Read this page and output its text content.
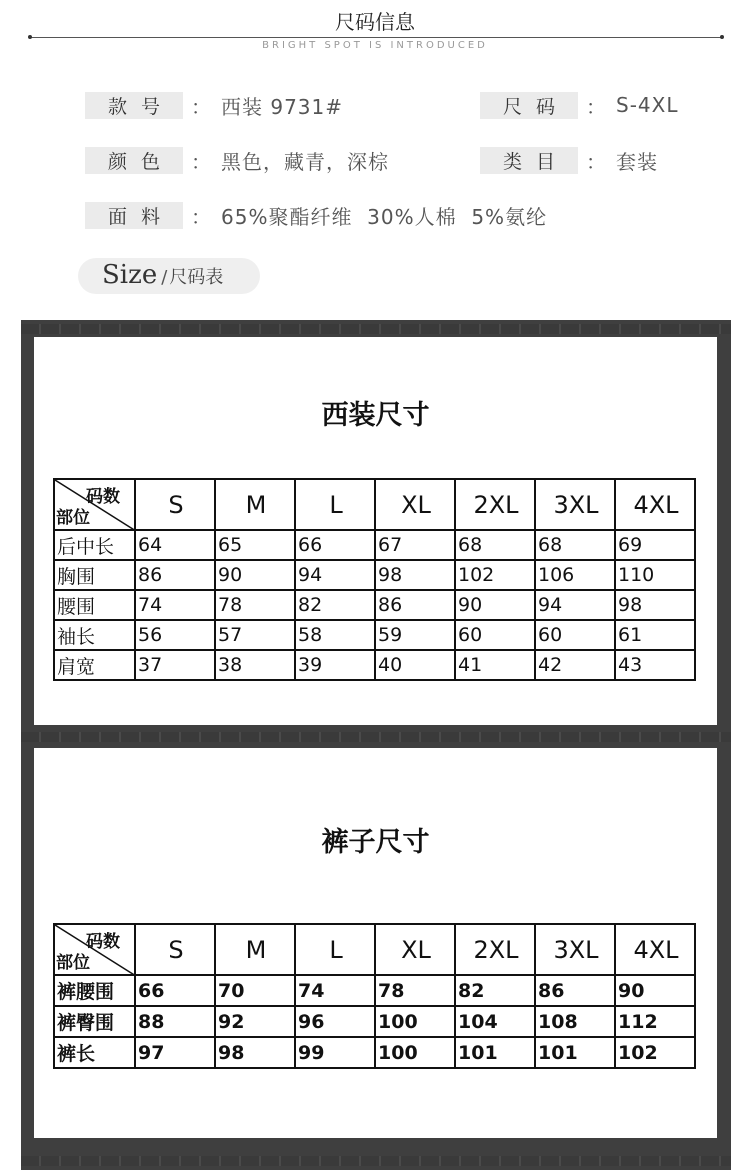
尺码信息
BRIGHT SPOT IS INTRODUCED
款号 ： 西装 9731#	尺码 ： S-4XL
颜色 ： 黑色，藏青，深棕	类目 ： 套装
面料 ： 65%聚酯纤维  30%人棉  5%氨纶
Size / 尺码表
西装尺寸
码数
部位	S	M	L	XL	2XL	3XL	4XL
后中长	64	65	66	67	68	68	69
胸围	86	90	94	98	102	106	110
腰围	74	78	82	86	90	94	98
袖长	56	57	58	59	60	60	61
肩宽	37	38	39	40	41	42	43
裤子尺寸
码数
部位	S	M	L	XL	2XL	3XL	4XL
裤腰围	66	70	74	78	82	86	90
裤臀围	88	92	96	100	104	108	112
裤长	97	98	99	100	101	101	102
